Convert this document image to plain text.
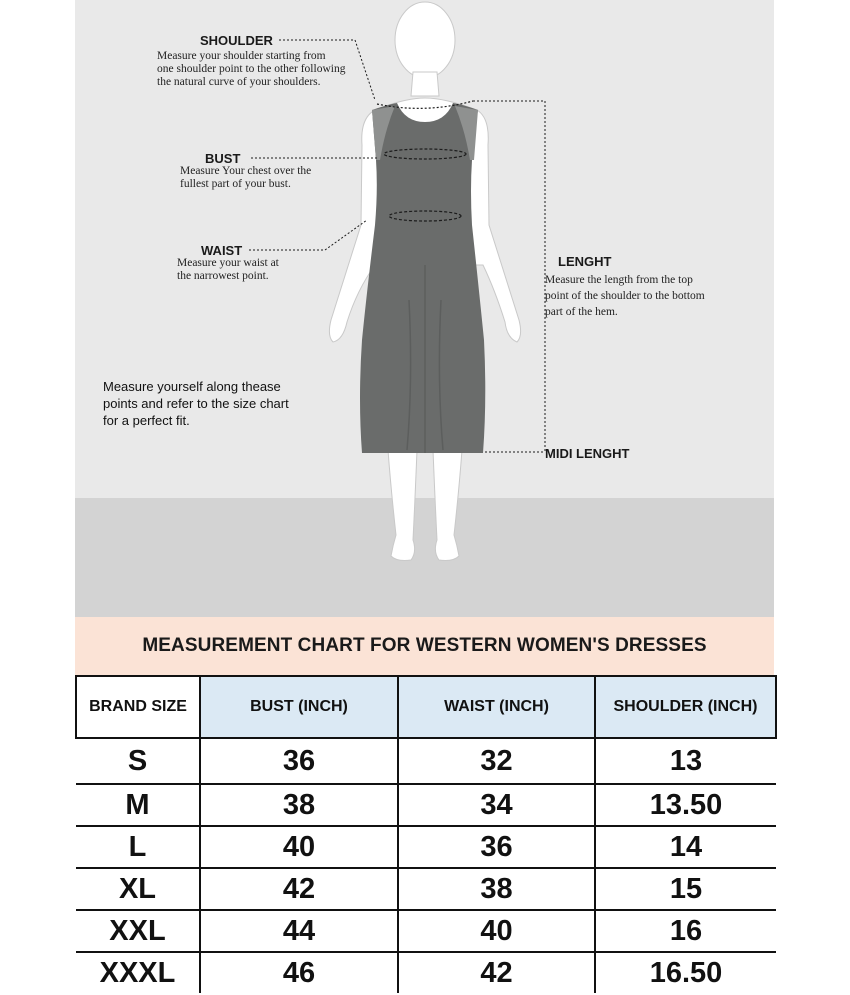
SHOULDER
Measure your shoulder starting from
one shoulder point to the other following
the natural curve of your shoulders.
BUST
Measure Your chest over the
fullest part of your bust.
WAIST
Measure your waist at
the narrowest point.
LENGHT
Measure the length from the top
point of the shoulder to the bottom
part of the hem.
MIDI LENGHT
Measure yourself along thease
points and refer to the size chart
for a perfect fit.
MEASUREMENT CHART FOR WESTERN WOMEN'S DRESSES
BRAND SIZE	BUST (INCH)	WAIST (INCH)	SHOULDER (INCH)
S	36	32	13
M	38	34	13.50
L	40	36	14
XL	42	38	15
XXL	44	40	16
XXXL	46	42	16.50
